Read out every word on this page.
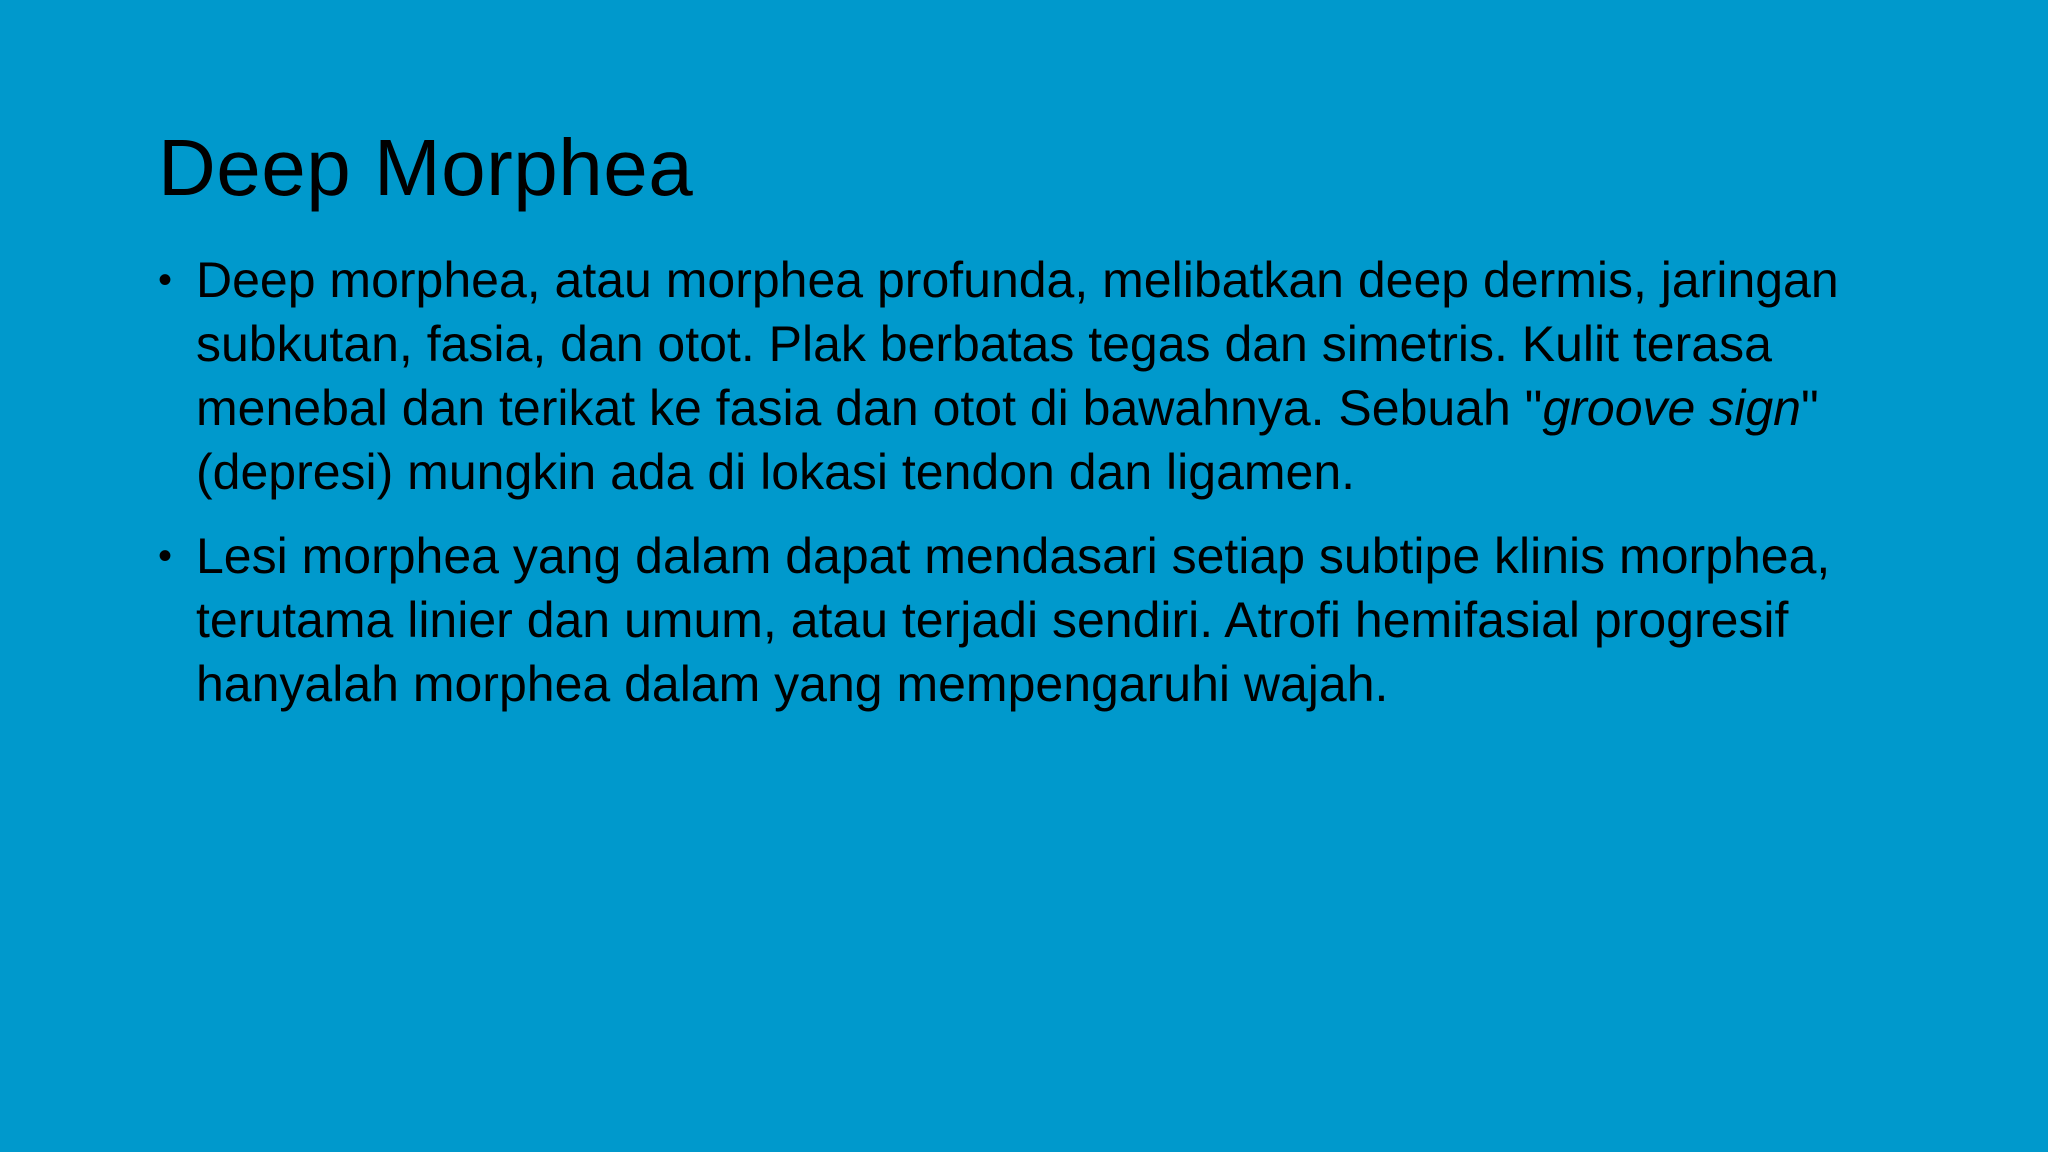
Deep Morphea

• Deep morphea, atau morphea profunda, melibatkan deep dermis, jaringan subkutan, fasia, dan otot. Plak berbatas tegas dan simetris. Kulit terasa menebal dan terikat ke fasia dan otot di bawahnya. Sebuah "groove sign" (depresi) mungkin ada di lokasi tendon dan ligamen.

• Lesi morphea yang dalam dapat mendasari setiap subtipe klinis morphea, terutama linier dan umum, atau terjadi sendiri. Atrofi hemifasial progresif hanyalah morphea dalam yang mempengaruhi wajah.
